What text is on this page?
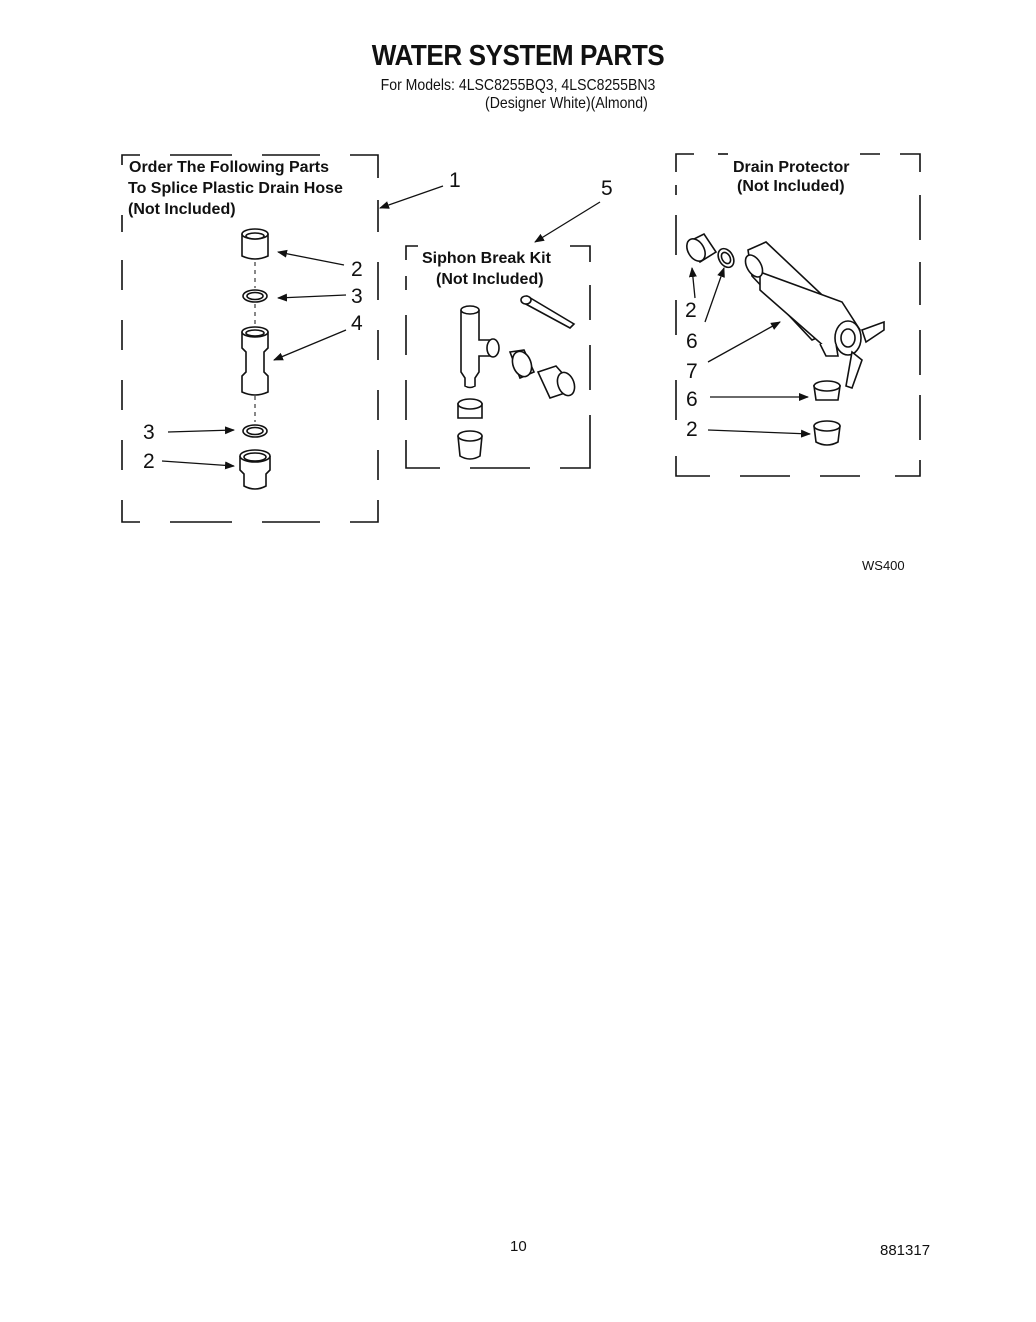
WATER SYSTEM PARTS
For Models: 4LSC8255BQ3, 4LSC8255BN3
(Designer White)(Almond)
Order The Following Parts
To Splice Plastic Drain Hose
(Not Included)
1
2
3
4
3
2
5
Siphon Break Kit
(Not Included)
Drain Protector
(Not Included)
2
6
7
6
2
WS400
10	881317
